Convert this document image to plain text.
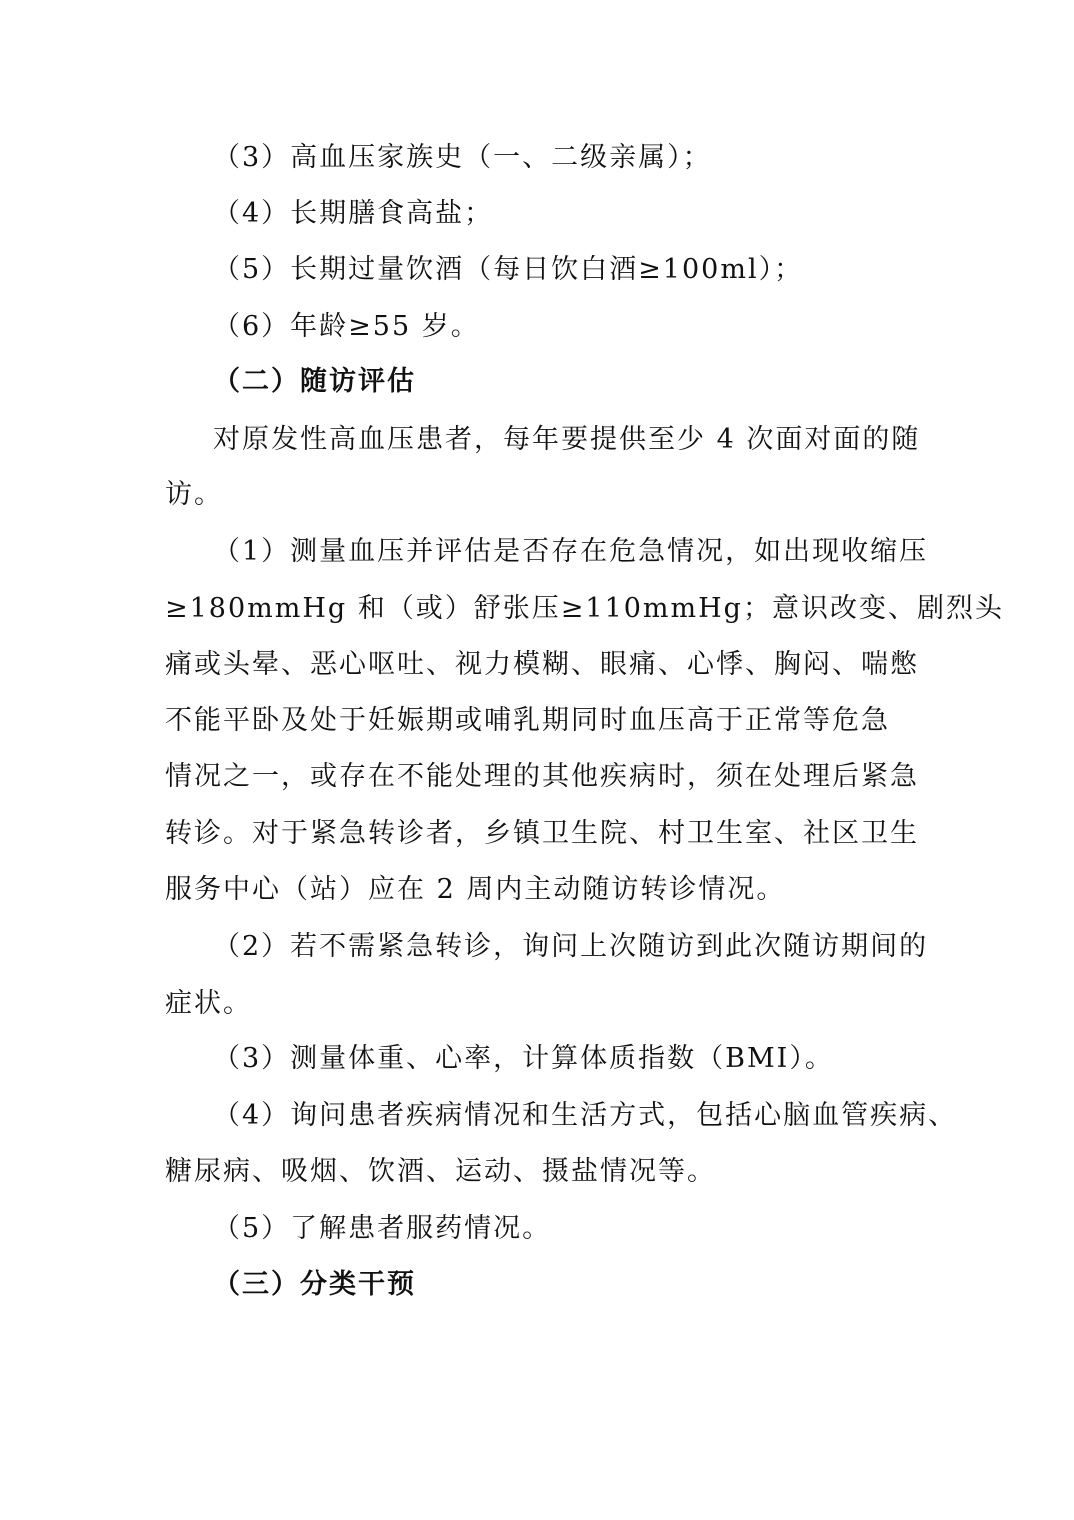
（3）高血压家族史（一、二级亲属）；
（4）长期膳食高盐；
（5）长期过量饮酒（每日饮白酒≥100ml）；
（6）年龄≥55 岁。
（二）随访评估
对原发性高血压患者，每年要提供至少 4 次面对面的随
访。
（1）测量血压并评估是否存在危急情况，如出现收缩压
≥180mmHg 和（或）舒张压≥110mmHg；意识改变、剧烈头
痛或头晕、恶心呕吐、视力模糊、眼痛、心悸、胸闷、喘憋
不能平卧及处于妊娠期或哺乳期同时血压高于正常等危急
情况之一，或存在不能处理的其他疾病时，须在处理后紧急
转诊。对于紧急转诊者，乡镇卫生院、村卫生室、社区卫生
服务中心（站）应在 2 周内主动随访转诊情况。
（2）若不需紧急转诊，询问上次随访到此次随访期间的
症状。
（3）测量体重、心率，计算体质指数（BMI）。
（4）询问患者疾病情况和生活方式，包括心脑血管疾病、
糖尿病、吸烟、饮酒、运动、摄盐情况等。
（5）了解患者服药情况。
（三）分类干预
